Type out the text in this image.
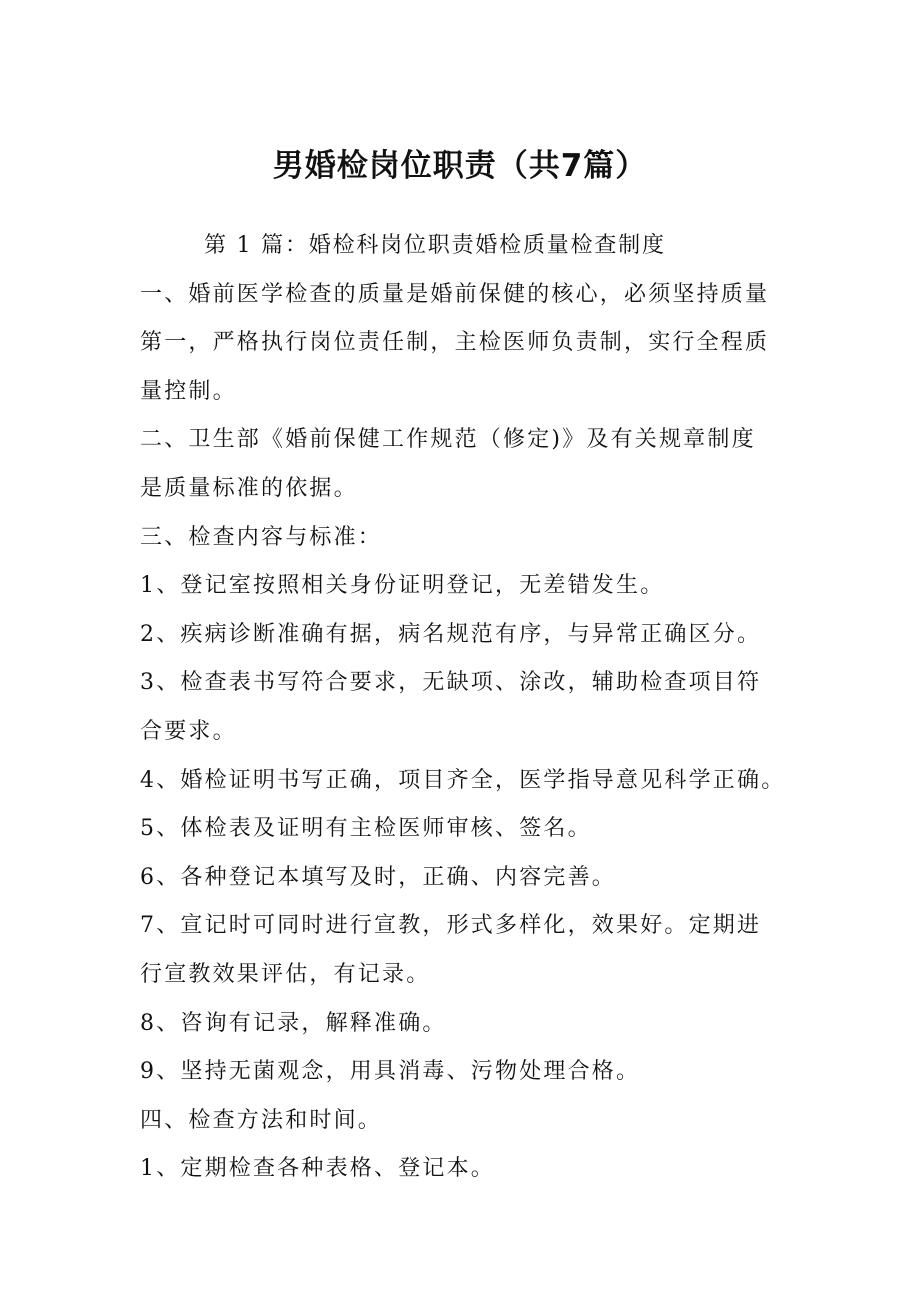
男婚检岗位职责（共7篇）
第 1 篇：婚检科岗位职责婚检质量检查制度
一、婚前医学检查的质量是婚前保健的核心，必须坚持质量
第一，严格执行岗位责任制，主检医师负责制，实行全程质
量控制。
二、卫生部《婚前保健工作规范（修定)》及有关规章制度
是质量标准的依据。
三、检查内容与标准：
1、登记室按照相关身份证明登记，无差错发生。
2、疾病诊断准确有据，病名规范有序，与异常正确区分。
3、检查表书写符合要求，无缺项、涂改，辅助检查项目符
合要求。
4、婚检证明书写正确，项目齐全，医学指导意见科学正确。
5、体检表及证明有主检医师审核、签名。
6、各种登记本填写及时，正确、内容完善。
7、宣记时可同时进行宣教，形式多样化，效果好。定期进
行宣教效果评估，有记录。
8、咨询有记录，解释准确。
9、坚持无菌观念，用具消毒、污物处理合格。
四、检查方法和时间。
1、定期检查各种表格、登记本。
